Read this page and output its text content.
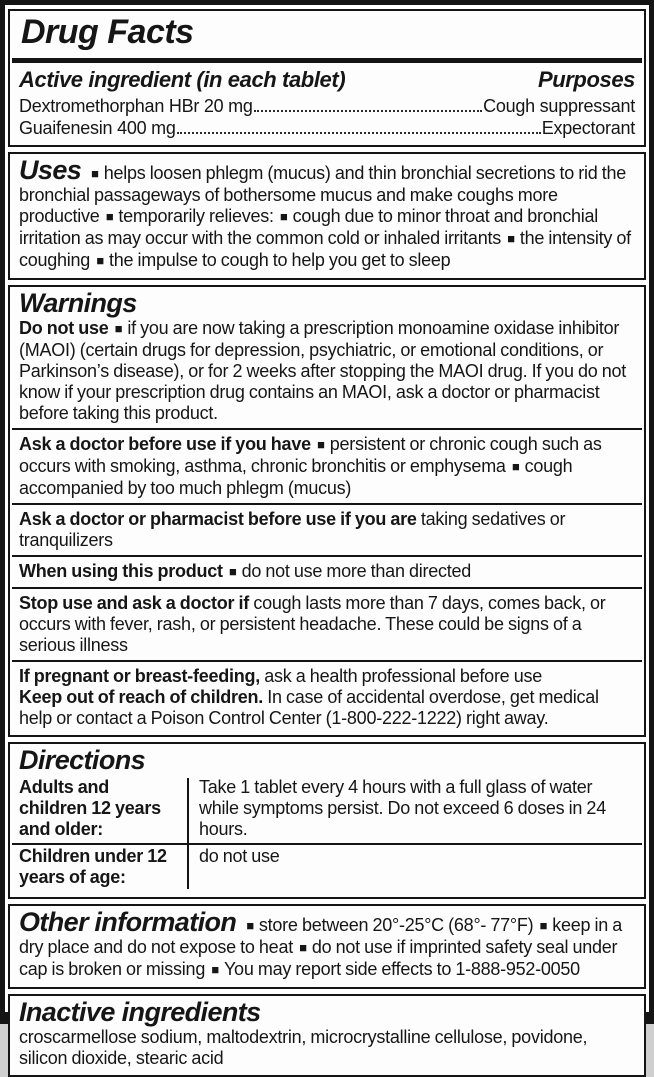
Drug Facts
Active ingredient (in each tablet)	Purposes
Dextromethorphan HBr 20 mg	Cough suppressant
Guaifenesin 400 mg	Expectorant
Uses ■ helps loosen phlegm (mucus) and thin bronchial secretions to rid the bronchial passageways of bothersome mucus and make coughs more productive ■ temporarily relieves: ■ cough due to minor throat and bronchial irritation as may occur with the common cold or inhaled irritants ■ the intensity of coughing ■ the impulse to cough to help you get to sleep
Warnings
Do not use ■ if you are now taking a prescription monoamine oxidase inhibitor (MAOI) (certain drugs for depression, psychiatric, or emotional conditions, or Parkinson’s disease), or for 2 weeks after stopping the MAOI drug. If you do not know if your prescription drug contains an MAOI, ask a doctor or pharmacist before taking this product.
Ask a doctor before use if you have ■ persistent or chronic cough such as occurs with smoking, asthma, chronic bronchitis or emphysema ■ cough accompanied by too much phlegm (mucus)
Ask a doctor or pharmacist before use if you are taking sedatives or tranquilizers
When using this product ■ do not use more than directed
Stop use and ask a doctor if cough lasts more than 7 days, comes back, or occurs with fever, rash, or persistent headache. These could be signs of a serious illness
If pregnant or breast-feeding, ask a health professional before use
Keep out of reach of children. In case of accidental overdose, get medical help or contact a Poison Control Center (1-800-222-1222) right away.
Directions
Adults and children 12 years and older:
Take 1 tablet every 4 hours with a full glass of water while symptoms persist. Do not exceed 6 doses in 24 hours.
Children under 12 years of age:
do not use
Other information ■ store between 20°-25°C (68°- 77°F) ■ keep in a dry place and do not expose to heat ■ do not use if imprinted safety seal under cap is broken or missing ■ You may report side effects to 1-888-952-0050
Inactive ingredients
croscarmellose sodium, maltodextrin, microcrystalline cellulose, povidone, silicon dioxide, stearic acid
